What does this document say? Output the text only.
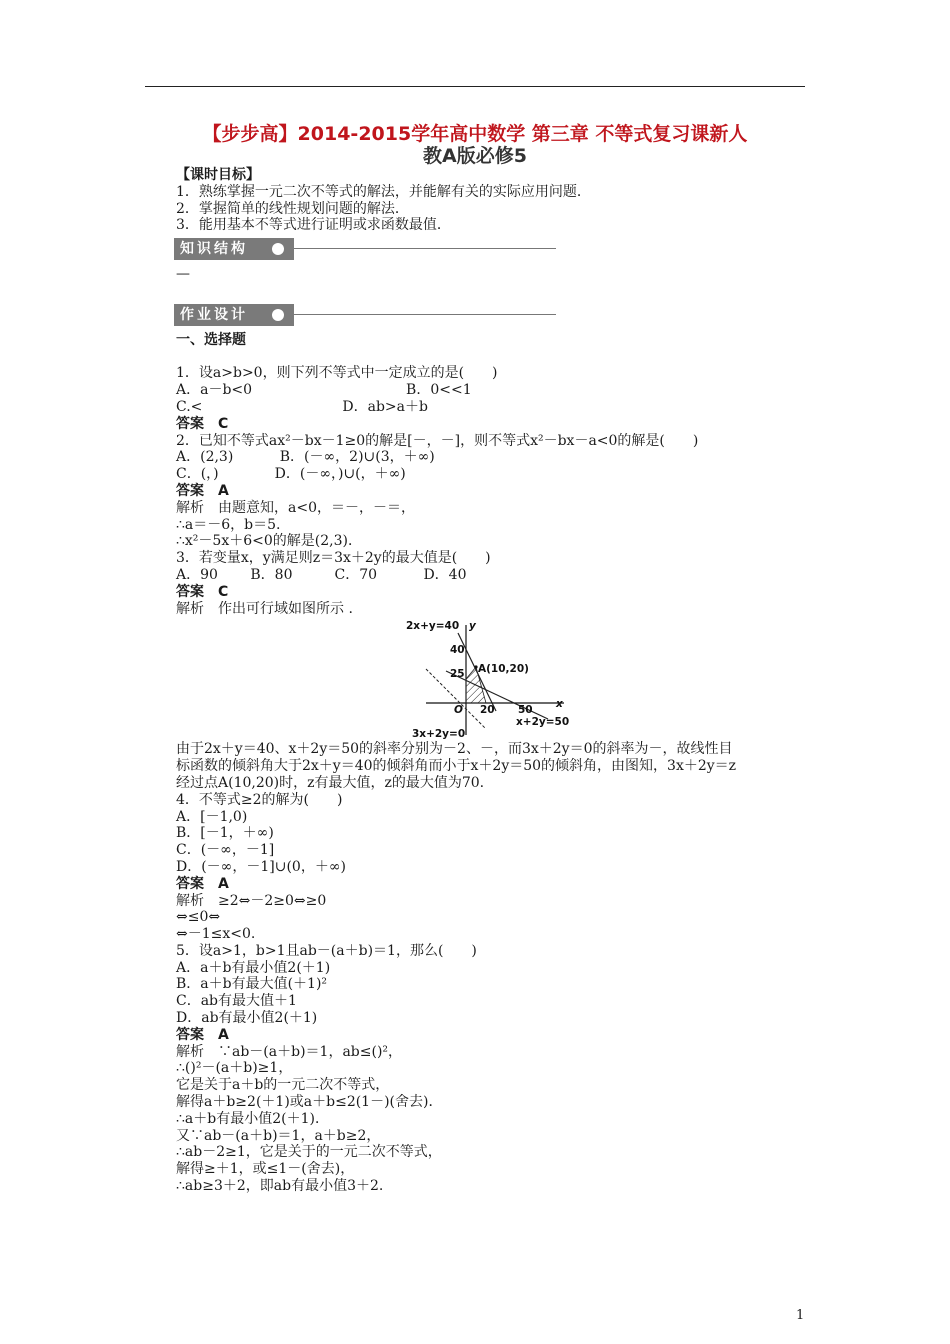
【步步高】2014-2015学年高中数学 第三章 不等式复习课新人
教A版必修5
【课时目标】
1．熟练掌握一元二次不等式的解法，并能解有关的实际应用问题．
2．掌握简单的线性规划问题的解法．
3．能用基本不等式进行证明或求函数最值．
知识结构
—
作业设计
一、选择题
1．设a>b>0，则下列不等式中一定成立的是(　　)
A．a－b<0　　　　　　　　　　　B．0<<1
C.<　　　　　　　　　　D．ab>a＋b
答案　C
2．已知不等式ax²－bx－1≥0的解是[－，－]，则不等式x²－bx－a<0的解是(　　)
A．(2,3)　　　 B．(－∞，2)∪(3，＋∞)
C．(，)　　　　D．(－∞，)∪(，＋∞)
答案　A
解析　由题意知，a<0，＝－，－＝，
∴a＝－6，b＝5.
∴x²－5x＋6<0的解是(2,3)．
3．若变量x，y满足则z＝3x＋2y的最大值是(　　)
A．90　　 B．80　　　C．70　　　 D．40
答案　C
解析　作出可行域如图所示 .
2x+y=40 y
40
25 A(10,20)
O 20 50 x
x+2y=50
3x+2y=0
由于2x＋y＝40、x＋2y＝50的斜率分别为－2、－，而3x＋2y＝0的斜率为－，故线性目
标函数的倾斜角大于2x＋y＝40的倾斜角而小于x＋2y＝50的倾斜角，由图知，3x＋2y＝z
经过点A(10,20)时，z有最大值，z的最大值为70.
4．不等式≥2的解为(　　)
A．[－1,0)
B．[－1，＋∞)
C．(－∞，－1]
D．(－∞，－1]∪(0，＋∞)
答案　A
解析　≥2⇔－2≥0⇔≥0
⇔≤0⇔
⇔－1≤x<0.
5．设a>1，b>1且ab－(a＋b)＝1，那么(　　)
A．a＋b有最小值2(＋1)
B．a＋b有最大值(＋1)²
C．ab有最大值＋1
D．ab有最小值2(＋1)
答案　A
解析　∵ab－(a＋b)＝1，ab≤()²，
∴()²－(a＋b)≥1，
它是关于a＋b的一元二次不等式，
解得a＋b≥2(＋1)或a＋b≤2(1－)(舍去)．
∴a＋b有最小值2(＋1)．
又∵ab－(a＋b)＝1，a＋b≥2，
∴ab－2≥1，它是关于的一元二次不等式，
解得≥＋1，或≤1－(舍去)，
∴ab≥3＋2，即ab有最小值3＋2.
1
